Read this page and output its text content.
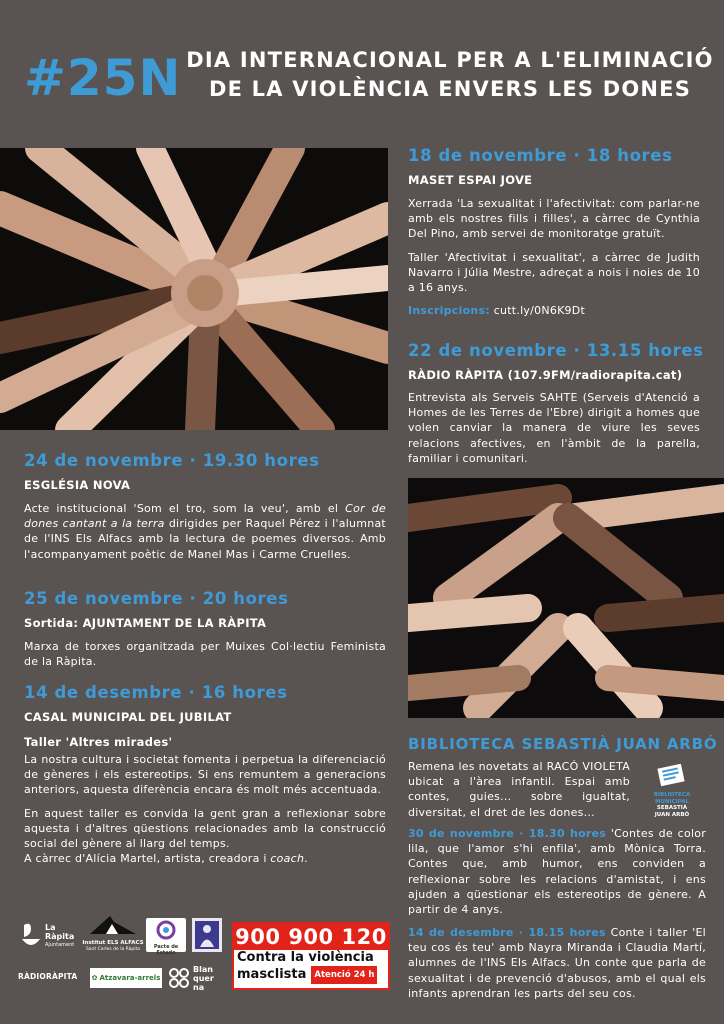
#25N DIA INTERNACIONAL PER A L'ELIMINACIÓ
DE LA VIOLÈNCIA ENVERS LES DONES
18 de novembre · 18 hores
MASET ESPAI JOVE

Xerrada 'La sexualitat i l'afectivitat: com parlar-ne amb els nostres fills i filles', a càrrec de Cynthia Del Pino, amb servei de monitoratge gratuït.

Taller 'Afectivitat i sexualitat', a càrrec de Judith Navarro i Júlia Mestre, adreçat a nois i noies de 10 a 16 anys.

Inscripcions: cutt.ly/0N6K9Dt

22 de novembre · 13.15 hores
RÀDIO RÀPITA (107.9FM/radiorapita.cat)

Entrevista als Serveis SAHTE (Serveis d'Atenció a Homes de les Terres de l'Ebre) dirigit a homes que volen canviar la manera de viure les seves relacions afectives, en l'àmbit de la parella, familiar i comunitari.

24 de novembre · 19.30 hores
ESGLÉSIA NOVA

Acte institucional 'Som el tro, som la veu', amb el Cor de dones cantant a la terra dirigides per Raquel Pérez i l'alumnat de l'INS Els Alfacs amb la lectura de poemes diversos. Amb l'acompanyament poètic de Manel Mas i Carme Cruelles.

25 de novembre · 20 hores
Sortida: AJUNTAMENT DE LA RÀPITA

Marxa de torxes organitzada per Muixes Col·lectiu Feminista de la Ràpita.

14 de desembre · 16 hores
CASAL MUNICIPAL DEL JUBILAT
Taller 'Altres mirades'

La nostra cultura i societat fomenta i perpetua la diferenciació de gèneres i els estereotips. Si ens remuntem a generacions anteriors, aquesta diferència encara és molt més accentuada.

En aquest taller es convida la gent gran a reflexionar sobre aquesta i d'altres qüestions relacionades amb la construcció social del gènere al llarg del temps.

A càrrec d'Alícia Martel, artista, creadora i coach.

BIBLIOTECA SEBASTIÀ JUAN ARBÓ

Remena les novetats al RACÓ VIOLETA ubicat a l'àrea infantil. Espai amb contes, guies... sobre igualtat, diversitat, el dret de les dones...

BIBLIOTECA
MUNICIPAL
SEBASTIÀ
JUAN ARBÓ

30 de novembre · 18.30 hores 'Contes de color lila, que l'amor s'hi enfila', amb Mònica Torra. Contes que, amb humor, ens conviden a reflexionar sobre les relacions d'amistat, i ens ajuden a qüestionar els estereotips de gènere. A partir de 4 anys.

14 de desembre · 18.15 hores Conte i taller 'El teu cos és teu' amb Nayra Miranda i Claudia Martí, alumnes de l'INS Els Alfacs. Un conte que parla de sexualitat i de prevenció d'abusos, amb el qual els infants aprendran les parts del seu cos.

La
Ràpita
Ajuntament Institut ELS ALFACS
Sant Carles de la Ràpita	Pacte de Estado
RÀDIORÀPITA	✿ Atzavara-arrels
Blan
quer
na
900 900 120
Contra la violència
masclista Atenció 24 h
